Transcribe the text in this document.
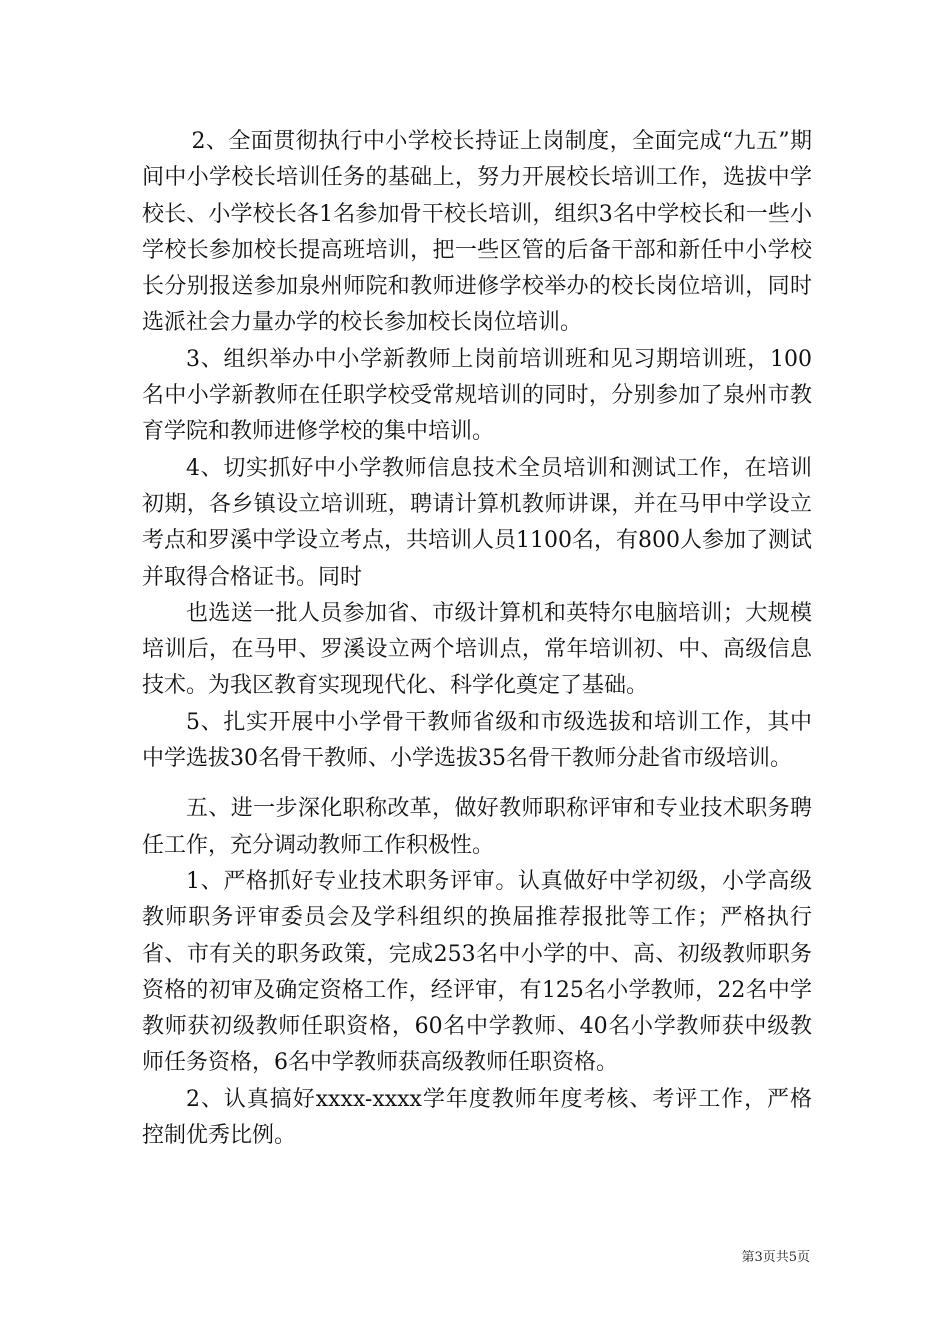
2、全面贯彻执行中小学校长持证上岗制度，全面完成“九五”期间中小学校长培训任务的基础上，努力开展校长培训工作，选拔中学校长、小学校长各1名参加骨干校长培训，组织3名中学校长和一些小学校长参加校长提高班培训，把一些区管的后备干部和新任中小学校长分别报送参加泉州师院和教师进修学校举办的校长岗位培训，同时选派社会力量办学的校长参加校长岗位培训。

3、组织举办中小学新教师上岗前培训班和见习期培训班，100名中小学新教师在任职学校受常规培训的同时，分别参加了泉州市教育学院和教师进修学校的集中培训。

4、切实抓好中小学教师信息技术全员培训和测试工作，在培训初期，各乡镇设立培训班，聘请计算机教师讲课，并在马甲中学设立考点和罗溪中学设立考点，共培训人员1100名，有800人参加了测试并取得合格证书。同时

也选送一批人员参加省、市级计算机和英特尔电脑培训；大规模培训后，在马甲、罗溪设立两个培训点，常年培训初、中、高级信息技术。为我区教育实现现代化、科学化奠定了基础。

5、扎实开展中小学骨干教师省级和市级选拔和培训工作，其中中学选拔30名骨干教师、小学选拔35名骨干教师分赴省市级培训。

五、进一步深化职称改革，做好教师职称评审和专业技术职务聘任工作，充分调动教师工作积极性。

1、严格抓好专业技术职务评审。认真做好中学初级，小学高级教师职务评审委员会及学科组织的换届推荐报批等工作；严格执行省、市有关的职务政策，完成253名中小学的中、高、初级教师职务资格的初审及确定资格工作，经评审，有125名小学教师，22名中学教师获初级教师任职资格，60名中学教师、40名小学教师获中级教师任务资格，6名中学教师获高级教师任职资格。

2、认真搞好xxxx-xxxx学年度教师年度考核、考评工作，严格控制优秀比例。

第3页共5页
